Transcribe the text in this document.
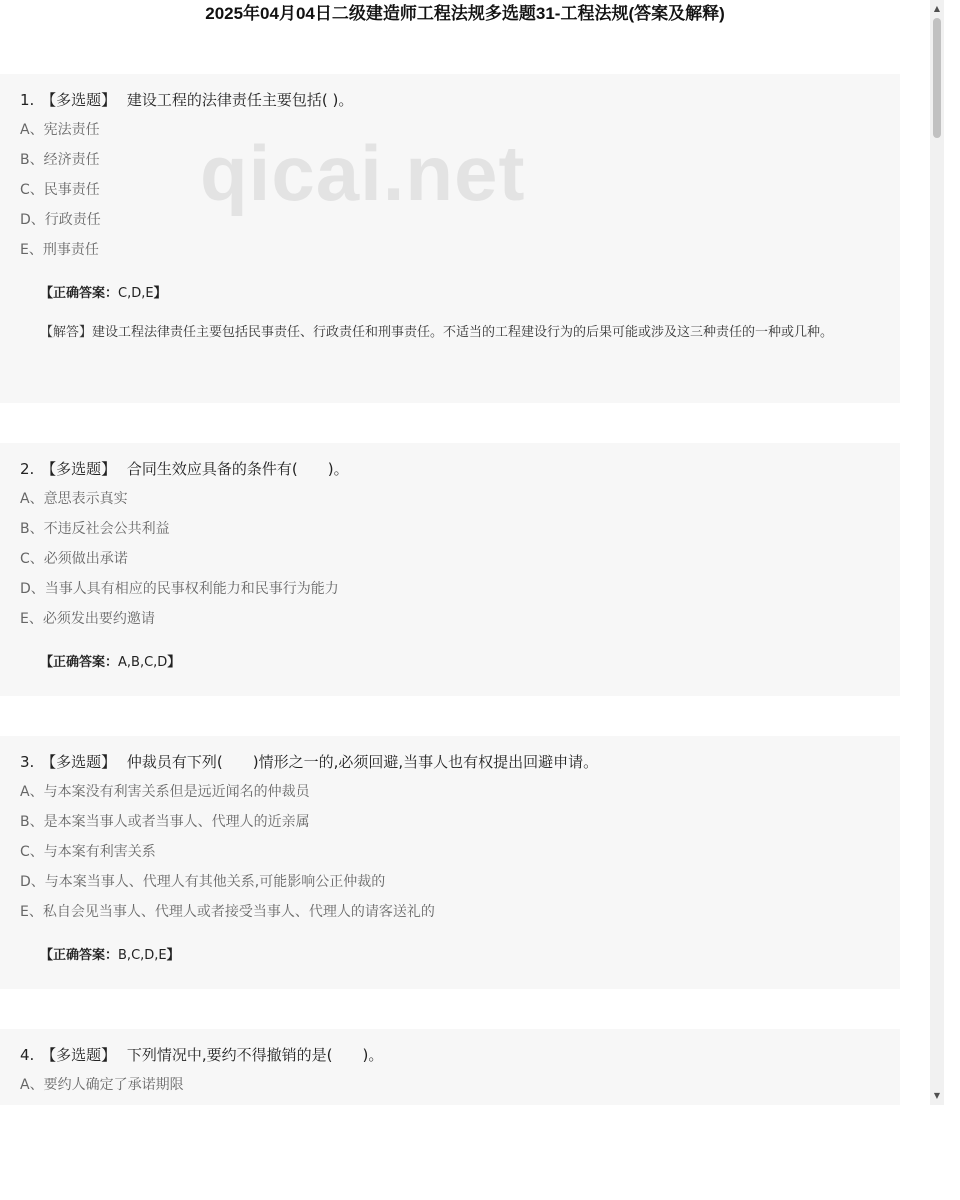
2025年04月04日二级建造师工程法规多选题31-工程法规(答案及解释)
1. 【多选题】 建设工程的法律责任主要包括( )。
A、宪法责任
B、经济责任
C、民事责任
D、行政责任
E、刑事责任
【正确答案：C,D,E】
【解答】建设工程法律责任主要包括民事责任、行政责任和刑事责任。不适当的工程建设行为的后果可能或涉及这三种责任的一种或几种。
2. 【多选题】 合同生效应具备的条件有(　　)。
A、意思表示真实
B、不违反社会公共利益
C、必须做出承诺
D、当事人具有相应的民事权利能力和民事行为能力
E、必须发出要约邀请
【正确答案：A,B,C,D】
3. 【多选题】 仲裁员有下列(　　)情形之一的,必须回避,当事人也有权提出回避申请。
A、与本案没有利害关系但是远近闻名的仲裁员
B、是本案当事人或者当事人、代理人的近亲属
C、与本案有利害关系
D、与本案当事人、代理人有其他关系,可能影响公正仲裁的
E、私自会见当事人、代理人或者接受当事人、代理人的请客送礼的
【正确答案：B,C,D,E】
4. 【多选题】 下列情况中,要约不得撤销的是(　　)。
A、要约人确定了承诺期限
qicai.net
▲
▼
